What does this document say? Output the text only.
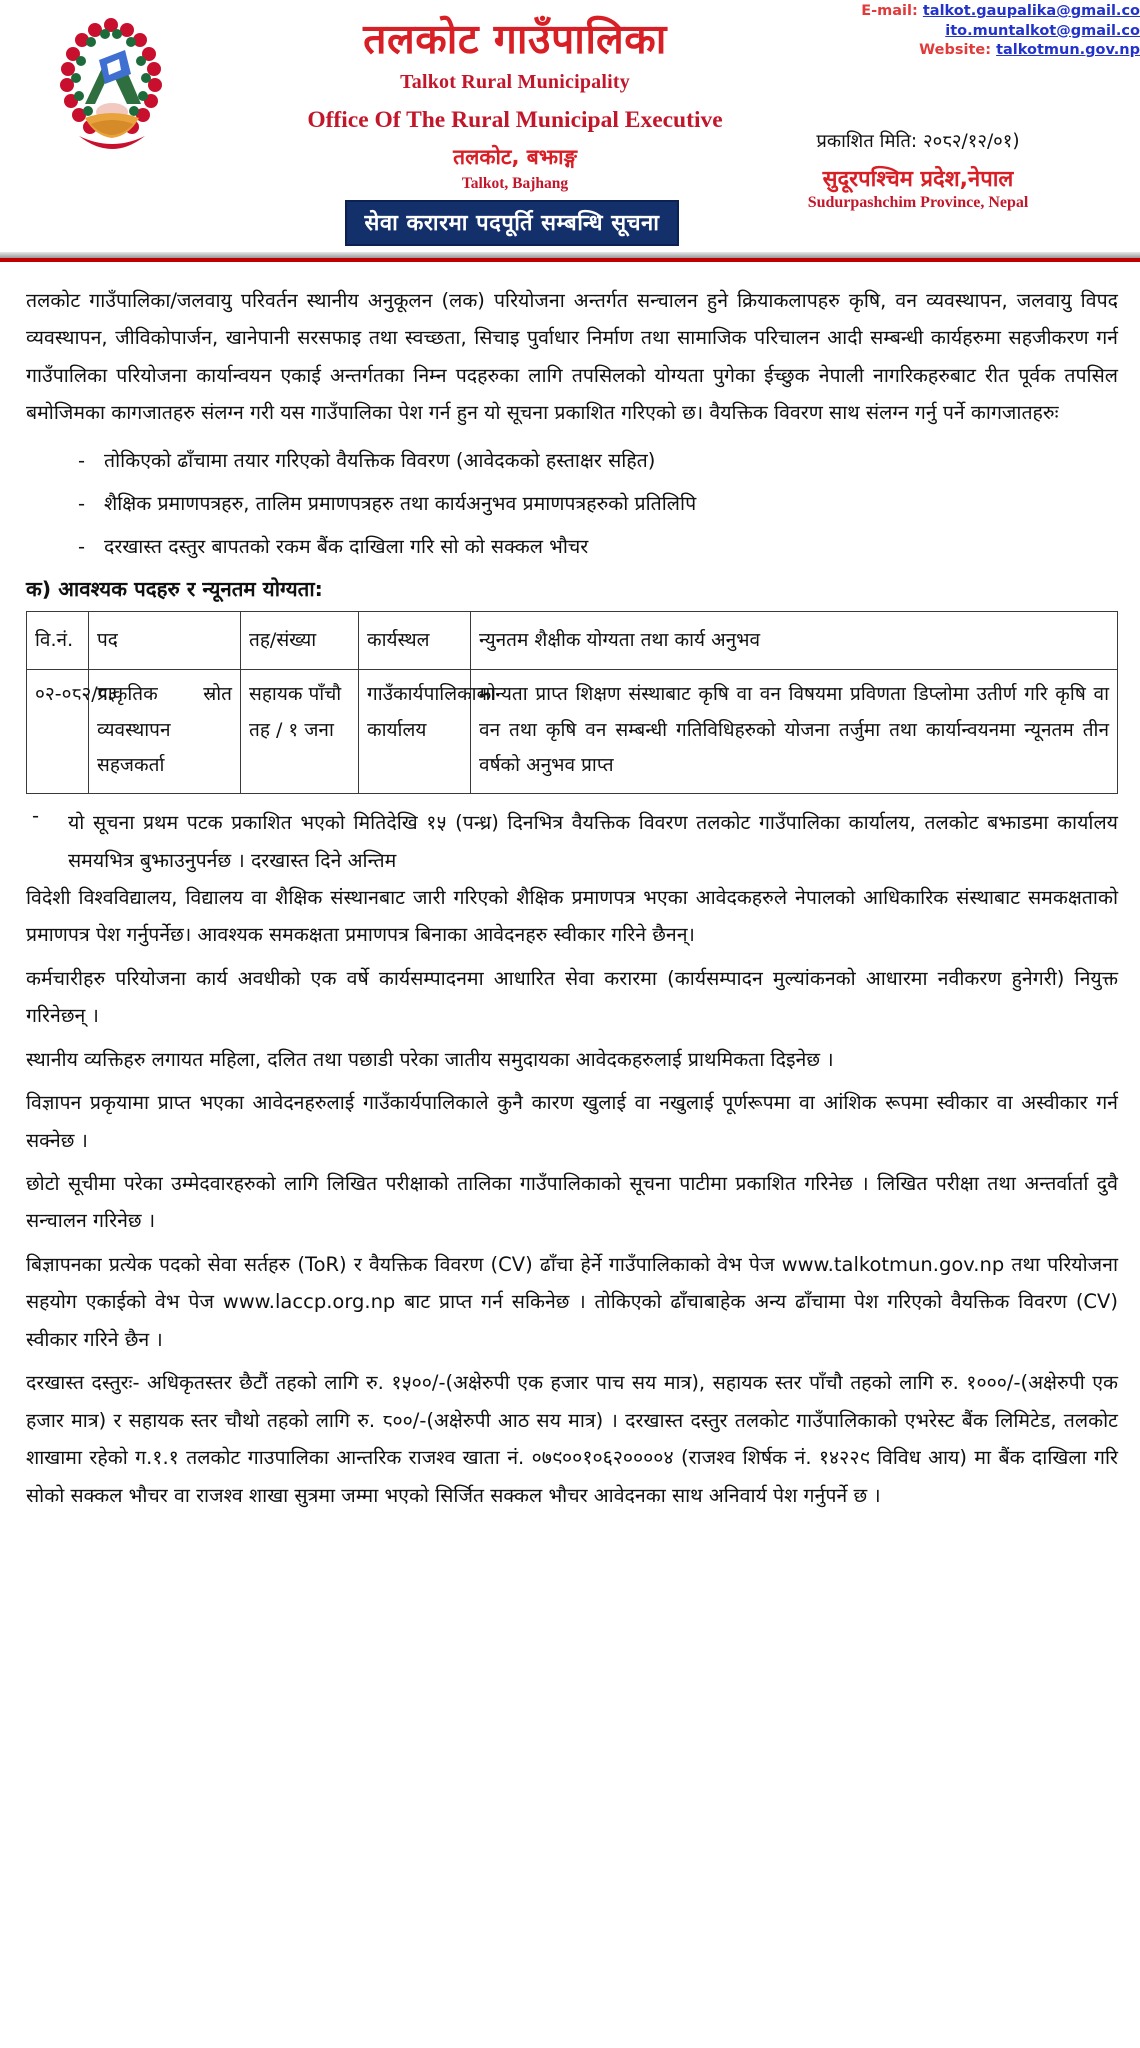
E-mail: talkot.gaupalika@gmail.co
ito.muntalkot@gmail.co
Website: talkotmun.gov.np
तलकोट गाउँपालिका
Talkot Rural Municipality
Office Of The Rural Municipal Executive
तलकोट, बझाङ्ग
Talkot, Bajhang
सेवा करारमा पदपूर्ति सम्बन्धि सूचना
प्रकाशित मिति: २०८२/१२/०१)
सुदूरपश्चिम प्रदेश,नेपाल
Sudurpashchim Province, Nepal

तलकोट गाउँपालिका/जलवायु परिवर्तन स्थानीय अनुकूलन (लक) परियोजना अन्तर्गत सन्चालन हुने क्रियाकलापहरु कृषि, वन व्यवस्थापन, जलवायु विपद व्यवस्थापन, जीविकोपार्जन, खानेपानी सरसफाइ तथा स्वच्छता, सिचाइ पुर्वाधार निर्माण तथा सामाजिक परिचालन आदी सम्बन्धी कार्यहरुमा सहजीकरण गर्न गाउँपालिका परियोजना कार्यान्वयन एकाई अन्तर्गतका निम्न पदहरुका लागि तपसिलको योग्यता पुगेका ईच्छुक नेपाली नागरिकहरुबाट रीत पूर्वक तपसिल बमोजिमका कागजातहरु संलग्न गरी यस गाउँपालिका पेश गर्न हुन यो सूचना प्रकाशित गरिएको छ। वैयक्तिक विवरण साथ संलग्न गर्नु पर्ने कागजातहरुः

- तोकिएको ढाँचामा तयार गरिएको वैयक्तिक विवरण (आवेदकको हस्ताक्षर सहित)
- शैक्षिक प्रमाणपत्रहरु, तालिम प्रमाणपत्रहरु तथा कार्यअनुभव प्रमाणपत्रहरुको प्रतिलिपि
- दरखास्त दस्तुर बापतको रकम बैंक दाखिला गरि सो को सक्कल भौचर
क) आवश्यक पदहरु र न्यूनतम योग्यता:
वि.नं.	पद	तह/संख्या	कार्यस्थल	न्युनतम शैक्षीक योग्यता तथा कार्य अनुभव
०२-०८२/८३	प्राकृतिक स्रोत व्यवस्थापन सहजकर्ता	सहायक पाँचौ तह / १ जना	गाउँकार्यपालिकाको कार्यालय	मान्यता प्राप्त शिक्षण संस्थाबाट कृषि वा वन विषयमा प्रविणता डिप्लोमा उतीर्ण गरि कृषि वा वन तथा कृषि वन सम्बन्धी गतिविधिहरुको योजना तर्जुमा तथा कार्यान्वयनमा न्यूनतम तीन वर्षको अनुभव प्राप्त

- यो सूचना प्रथम पटक प्रकाशित भएको मितिदेखि १५ (पन्ध्र) दिनभित्र वैयक्तिक विवरण तलकोट गाउँपालिका कार्यालय, तलकोट बझाडमा कार्यालय समयभित्र बुझाउनुपर्नछ । दरखास्त दिने अन्तिम

विदेशी विश्वविद्यालय, विद्यालय वा शैक्षिक संस्थानबाट जारी गरिएको शैक्षिक प्रमाणपत्र भएका आवेदकहरुले नेपालको आधिकारिक संस्थाबाट समकक्षताको प्रमाणपत्र पेश गर्नुपर्नेछ। आवश्यक समकक्षता प्रमाणपत्र बिनाका आवेदनहरु स्वीकार गरिने छैनन्।

कर्मचारीहरु परियोजना कार्य अवधीको एक वर्षे कार्यसम्पादनमा आधारित सेवा करारमा (कार्यसम्पादन मुल्यांकनको आधारमा नवीकरण हुनेगरी) नियुक्त गरिनेछन् ।

स्थानीय व्यक्तिहरु लगायत महिला, दलित तथा पछाडी परेका जातीय समुदायका आवेदकहरुलाई प्राथमिकता दिइनेछ ।

विज्ञापन प्रकृयामा प्राप्त भएका आवेदनहरुलाई गाउँकार्यपालिकाले कुनै कारण खुलाई वा नखुलाई पूर्णरूपमा वा आंशिक रूपमा स्वीकार वा अस्वीकार गर्न सक्नेछ ।

छोटो सूचीमा परेका उम्मेदवारहरुको लागि लिखित परीक्षाको तालिका गाउँपालिकाको सूचना पाटीमा प्रकाशित गरिनेछ । लिखित परीक्षा तथा अन्तर्वार्ता दुवै सन्चालन गरिनेछ ।

बिज्ञापनका प्रत्येक पदको सेवा सर्तहरु (ToR) र वैयक्तिक विवरण (CV) ढाँचा हेर्ने गाउँपालिकाको वेभ पेज www.talkotmun.gov.np तथा परियोजना सहयोग एकाईको वेभ पेज www.laccp.org.np बाट प्राप्त गर्न सकिनेछ । तोकिएको ढाँचाबाहेक अन्य ढाँचामा पेश गरिएको वैयक्तिक विवरण (CV) स्वीकार गरिने छैन ।

दरखास्त दस्तुरः- अधिकृतस्तर छैटौं तहको लागि रु. १५००/-(अक्षेरुपी एक हजार पाच सय मात्र), सहायक स्तर पाँचौ तहको लागि रु. १०००/-(अक्षेरुपी एक हजार मात्र) र सहायक स्तर चौथो तहको लागि रु. ८००/-(अक्षेरुपी आठ सय मात्र) । दरखास्त दस्तुर तलकोट गाउँपालिकाको एभरेस्ट बैंक लिमिटेड, तलकोट शाखामा रहेको ग.१.१ तलकोट गाउपालिका आन्तरिक राजश्व खाता नं. ०७९००१०६२००००४ (राजश्व शिर्षक नं. १४२२९ विविध आय) मा बैंक दाखिला गरि सोको सक्कल भौचर वा राजश्व शाखा सुत्रमा जम्मा भएको सिर्जित सक्कल भौचर आवेदनका साथ अनिवार्य पेश गर्नुपर्ने छ ।
